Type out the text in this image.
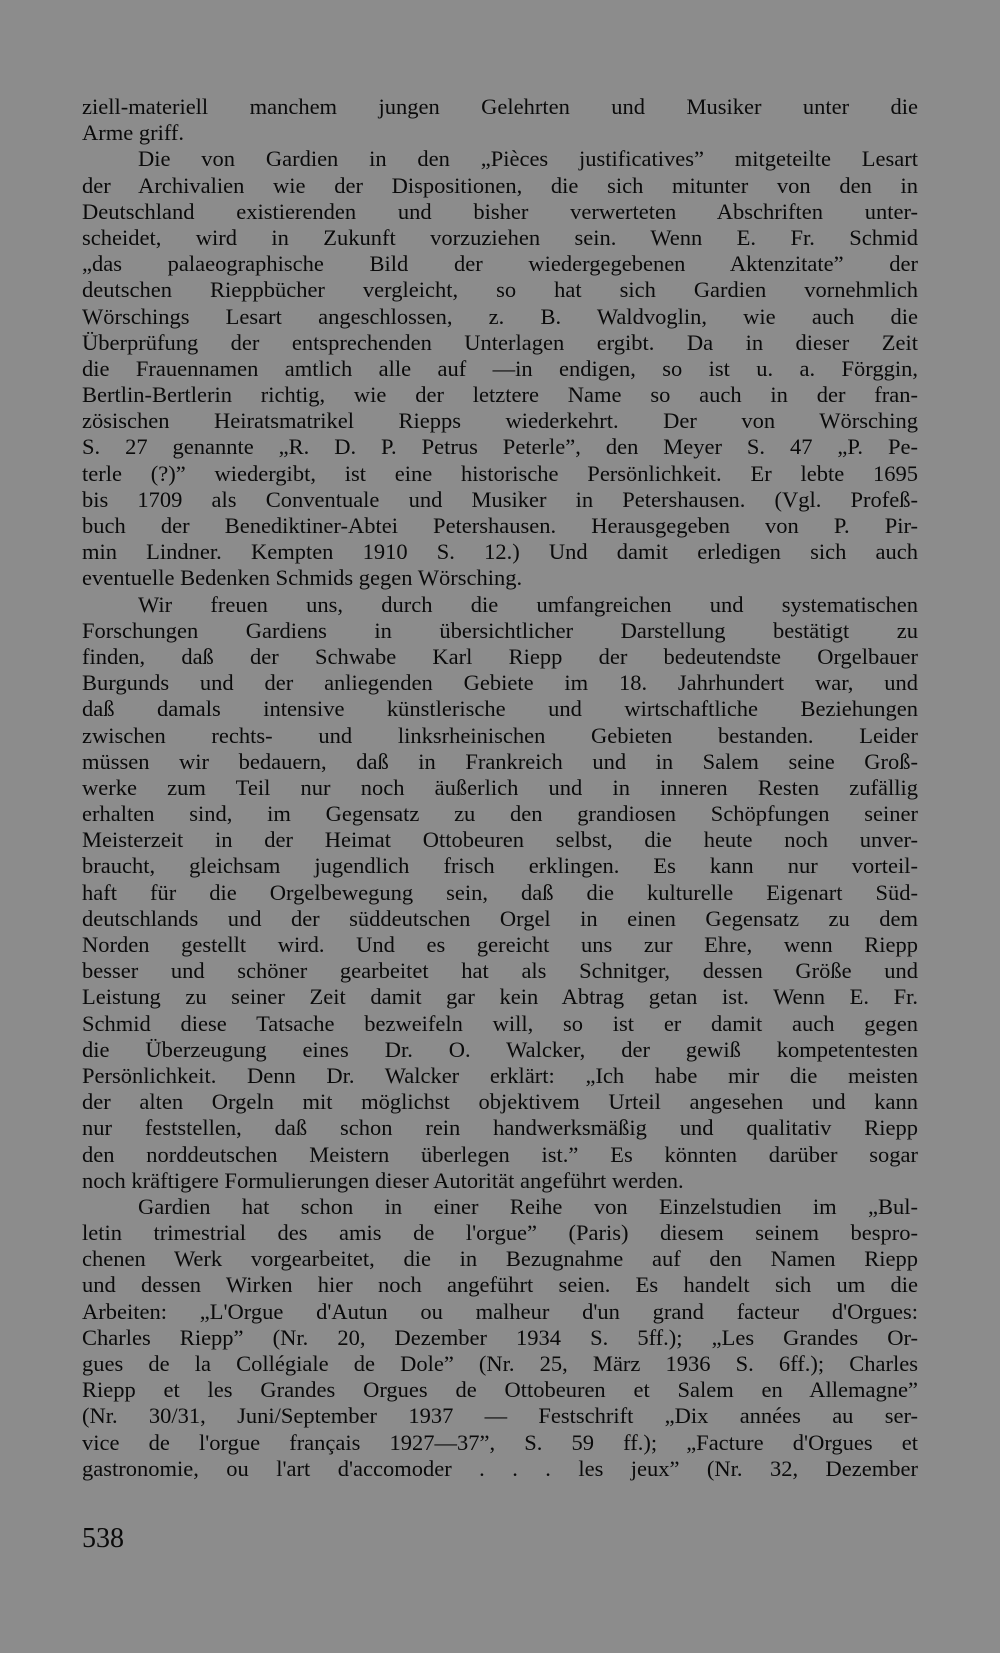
ziell-materiell manchem jungen Gelehrten und Musiker unter die
Arme griff.
Die von Gardien in den „Pièces justificatives” mitgeteilte Lesart
der Archivalien wie der Dispositionen, die sich mitunter von den in
Deutschland existierenden und bisher verwerteten Abschriften unter-
scheidet, wird in Zukunft vorzuziehen sein. Wenn E. Fr. Schmid
„das palaeographische Bild der wiedergegebenen Aktenzitate” der
deutschen Rieppbücher vergleicht, so hat sich Gardien vornehmlich
Wörschings Lesart angeschlossen, z. B. Waldvoglin, wie auch die
Überprüfung der entsprechenden Unterlagen ergibt. Da in dieser Zeit
die Frauennamen amtlich alle auf —in endigen, so ist u. a. Förggin,
Bertlin-Bertlerin richtig, wie der letztere Name so auch in der fran-
zösischen Heiratsmatrikel Riepps wiederkehrt. Der von Wörsching
S. 27 genannte „R. D. P. Petrus Peterle”, den Meyer S. 47 „P. Pe-
terle (?)” wiedergibt, ist eine historische Persönlichkeit. Er lebte 1695
bis 1709 als Conventuale und Musiker in Petershausen. (Vgl. Profeß-
buch der Benediktiner-Abtei Petershausen. Herausgegeben von P. Pir-
min Lindner. Kempten 1910 S. 12.) Und damit erledigen sich auch
eventuelle Bedenken Schmids gegen Wörsching.
Wir freuen uns, durch die umfangreichen und systematischen
Forschungen Gardiens in übersichtlicher Darstellung bestätigt zu
finden, daß der Schwabe Karl Riepp der bedeutendste Orgelbauer
Burgunds und der anliegenden Gebiete im 18. Jahrhundert war, und
daß damals intensive künstlerische und wirtschaftliche Beziehungen
zwischen rechts- und linksrheinischen Gebieten bestanden. Leider
müssen wir bedauern, daß in Frankreich und in Salem seine Groß-
werke zum Teil nur noch äußerlich und in inneren Resten zufällig
erhalten sind, im Gegensatz zu den grandiosen Schöpfungen seiner
Meisterzeit in der Heimat Ottobeuren selbst, die heute noch unver-
braucht, gleichsam jugendlich frisch erklingen. Es kann nur vorteil-
haft für die Orgelbewegung sein, daß die kulturelle Eigenart Süd-
deutschlands und der süddeutschen Orgel in einen Gegensatz zu dem
Norden gestellt wird. Und es gereicht uns zur Ehre, wenn Riepp
besser und schöner gearbeitet hat als Schnitger, dessen Größe und
Leistung zu seiner Zeit damit gar kein Abtrag getan ist. Wenn E. Fr.
Schmid diese Tatsache bezweifeln will, so ist er damit auch gegen
die Überzeugung eines Dr. O. Walcker, der gewiß kompetentesten
Persönlichkeit. Denn Dr. Walcker erklärt: „Ich habe mir die meisten
der alten Orgeln mit möglichst objektivem Urteil angesehen und kann
nur feststellen, daß schon rein handwerksmäßig und qualitativ Riepp
den norddeutschen Meistern überlegen ist.” Es könnten darüber sogar
noch kräftigere Formulierungen dieser Autorität angeführt werden.
Gardien hat schon in einer Reihe von Einzelstudien im „Bul-
letin trimestrial des amis de l'orgue” (Paris) diesem seinem bespro-
chenen Werk vorgearbeitet, die in Bezugnahme auf den Namen Riepp
und dessen Wirken hier noch angeführt seien. Es handelt sich um die
Arbeiten: „L'Orgue d'Autun ou malheur d'un grand facteur d'Orgues:
Charles Riepp” (Nr. 20, Dezember 1934 S. 5ff.); „Les Grandes Or-
gues de la Collégiale de Dole” (Nr. 25, März 1936 S. 6ff.); Charles
Riepp et les Grandes Orgues de Ottobeuren et Salem en Allemagne”
(Nr. 30/31, Juni/September 1937 — Festschrift „Dix années au ser-
vice de l'orgue français 1927—37”, S. 59 ff.); „Facture d'Orgues et
gastronomie, ou l'art d'accomoder . . . les jeux” (Nr. 32, Dezember
538
